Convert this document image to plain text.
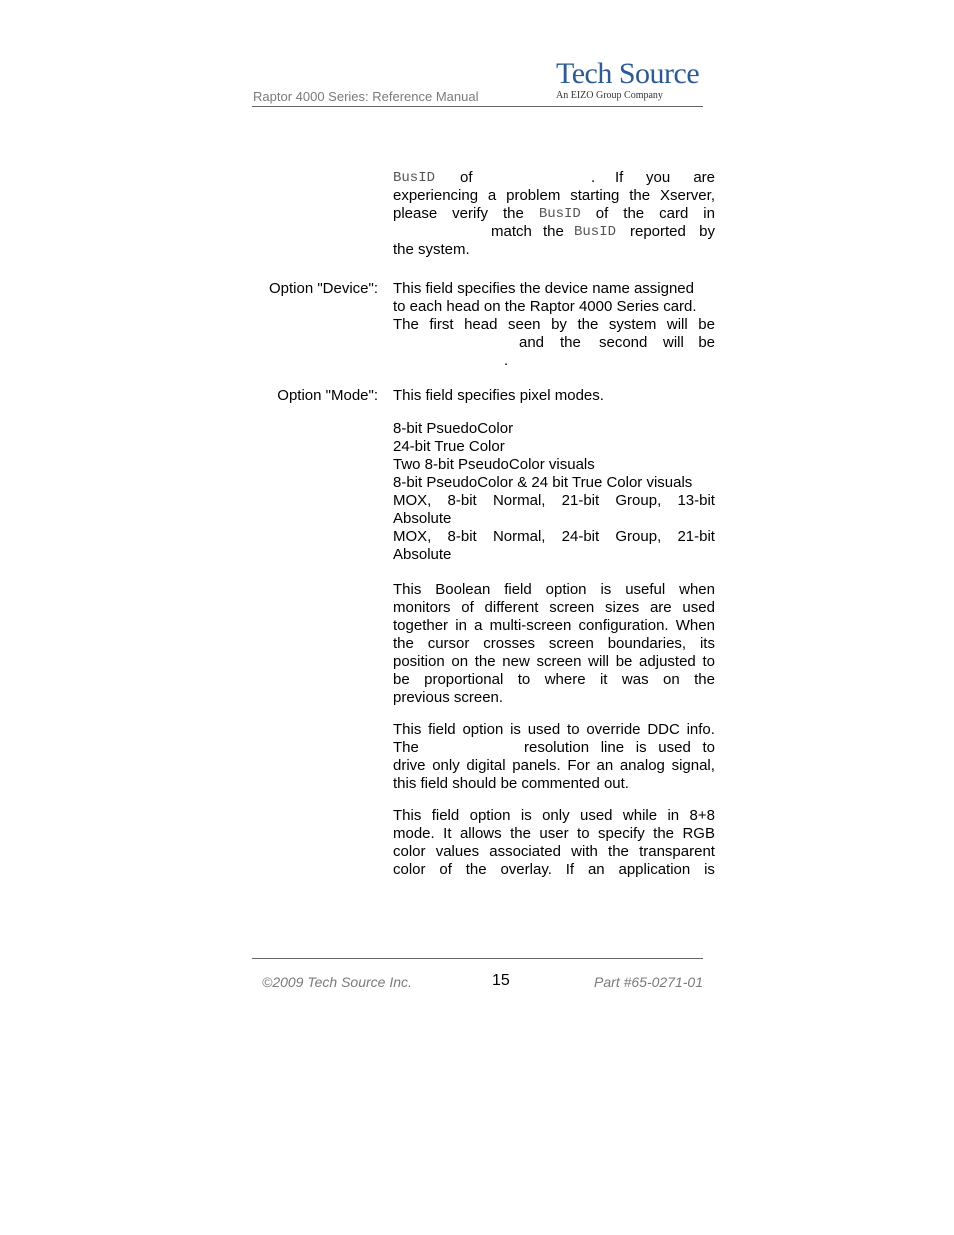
Raptor 4000 Series: Reference Manual
Tech Source
An EIZO Group Company
BusID of	. If you are
experiencing a problem starting the Xserver,
please verify the BusID of the card in
match the BusID reported by
the system.
Option "Device": This field specifies the device name assigned
to each head on the Raptor 4000 Series card.
The first head seen by the system will be
and the second will be
.
Option "Mode": This field specifies pixel modes.
8-bit PsuedoColor
24-bit True Color
Two 8-bit PseudoColor visuals
8-bit PseudoColor & 24 bit True Color visuals
MOX, 8-bit Normal, 21-bit Group, 13-bit
Absolute
MOX, 8-bit Normal, 24-bit Group, 21-bit
Absolute
This Boolean field option is useful when
monitors of different screen sizes are used
together in a multi-screen configuration. When
the cursor crosses screen boundaries, its
position on the new screen will be adjusted to
be proportional to where it was on the
previous screen.
This field option is used to override DDC info.
The	resolution line is used to
drive only digital panels. For an analog signal,
this field should be commented out.
This field option is only used while in 8+8
mode. It allows the user to specify the RGB
color values associated with the transparent
color of the overlay. If an application is
©2009 Tech Source Inc.	15	Part #65-0271-01
